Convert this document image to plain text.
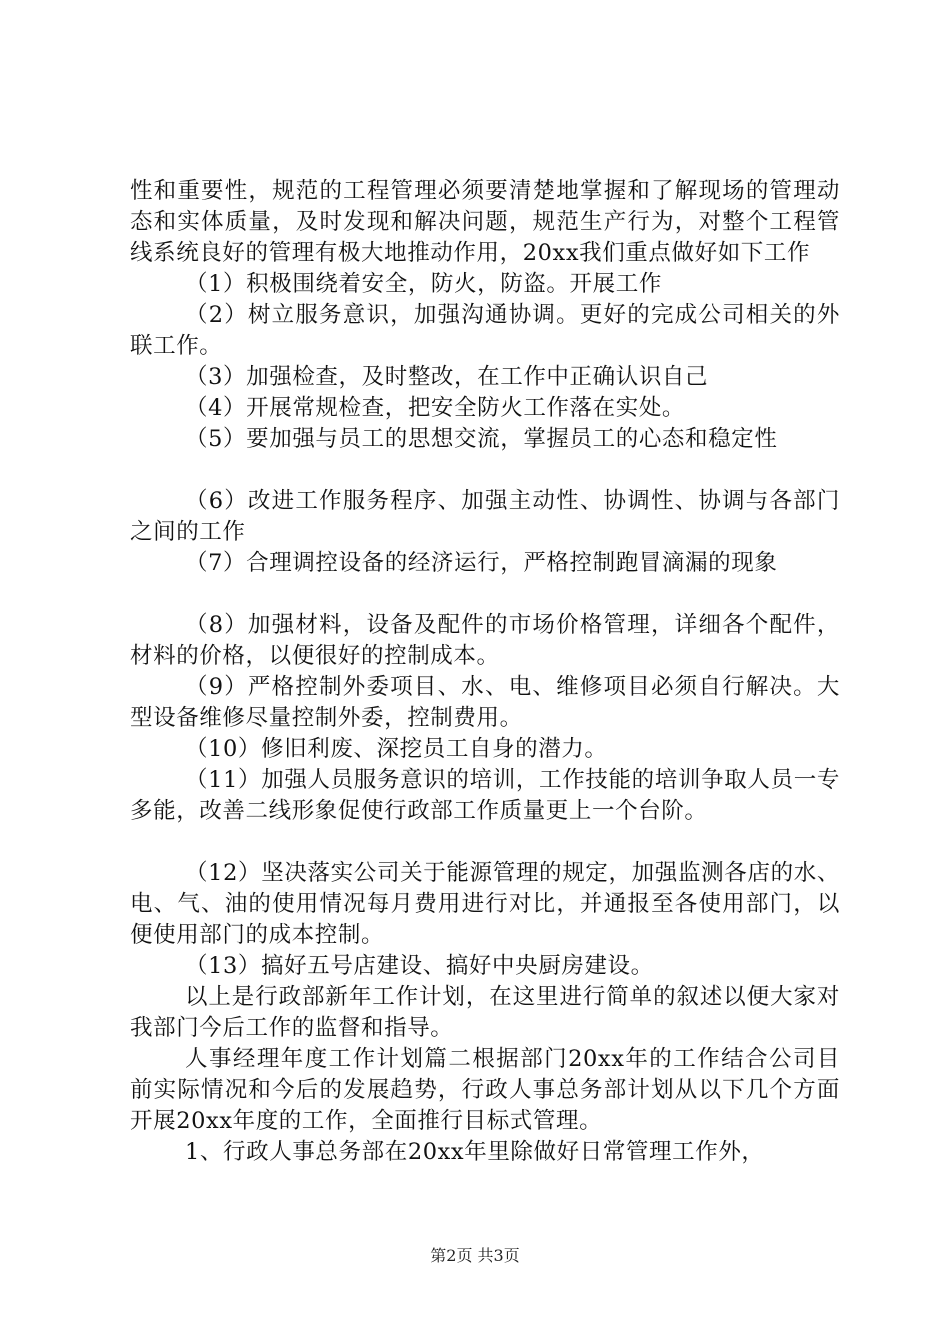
性和重要性，规范的工程管理必须要清楚地掌握和了解现场的管理动态和实体质量，及时发现和解决问题，规范生产行为，对整个工程管线系统良好的管理有极大地推动作用，20xx我们重点做好如下工作

（1）积极围绕着安全，防火，防盗。开展工作

（2）树立服务意识，加强沟通协调。更好的完成公司相关的外联工作。

（3）加强检查，及时整改，在工作中正确认识自己

（4）开展常规检查，把安全防火工作落在实处。

（5）要加强与员工的思想交流，掌握员工的心态和稳定性

（6）改进工作服务程序、加强主动性、协调性、协调与各部门之间的工作

（7）合理调控设备的经济运行，严格控制跑冒滴漏的现象

（8）加强材料，设备及配件的市场价格管理，详细各个配件，材料的价格，以便很好的控制成本。

（9）严格控制外委项目、水、电、维修项目必须自行解决。大型设备维修尽量控制外委，控制费用。

（10）修旧利废、深挖员工自身的潜力。

（11）加强人员服务意识的培训，工作技能的培训争取人员一专多能，改善二线形象促使行政部工作质量更上一个台阶。

（12）坚决落实公司关于能源管理的规定，加强监测各店的水、电、气、油的使用情况每月费用进行对比，并通报至各使用部门，以便使用部门的成本控制。

（13）搞好五号店建设、搞好中央厨房建设。

以上是行政部新年工作计划，在这里进行简单的叙述以便大家对我部门今后工作的监督和指导。

人事经理年度工作计划篇二根据部门20xx年的工作结合公司目前实际情况和今后的发展趋势，行政人事总务部计划从以下几个方面开展20xx年度的工作，全面推行目标式管理。

1、行政人事总务部在20xx年里除做好日常管理工作外，

第2页 共3页
